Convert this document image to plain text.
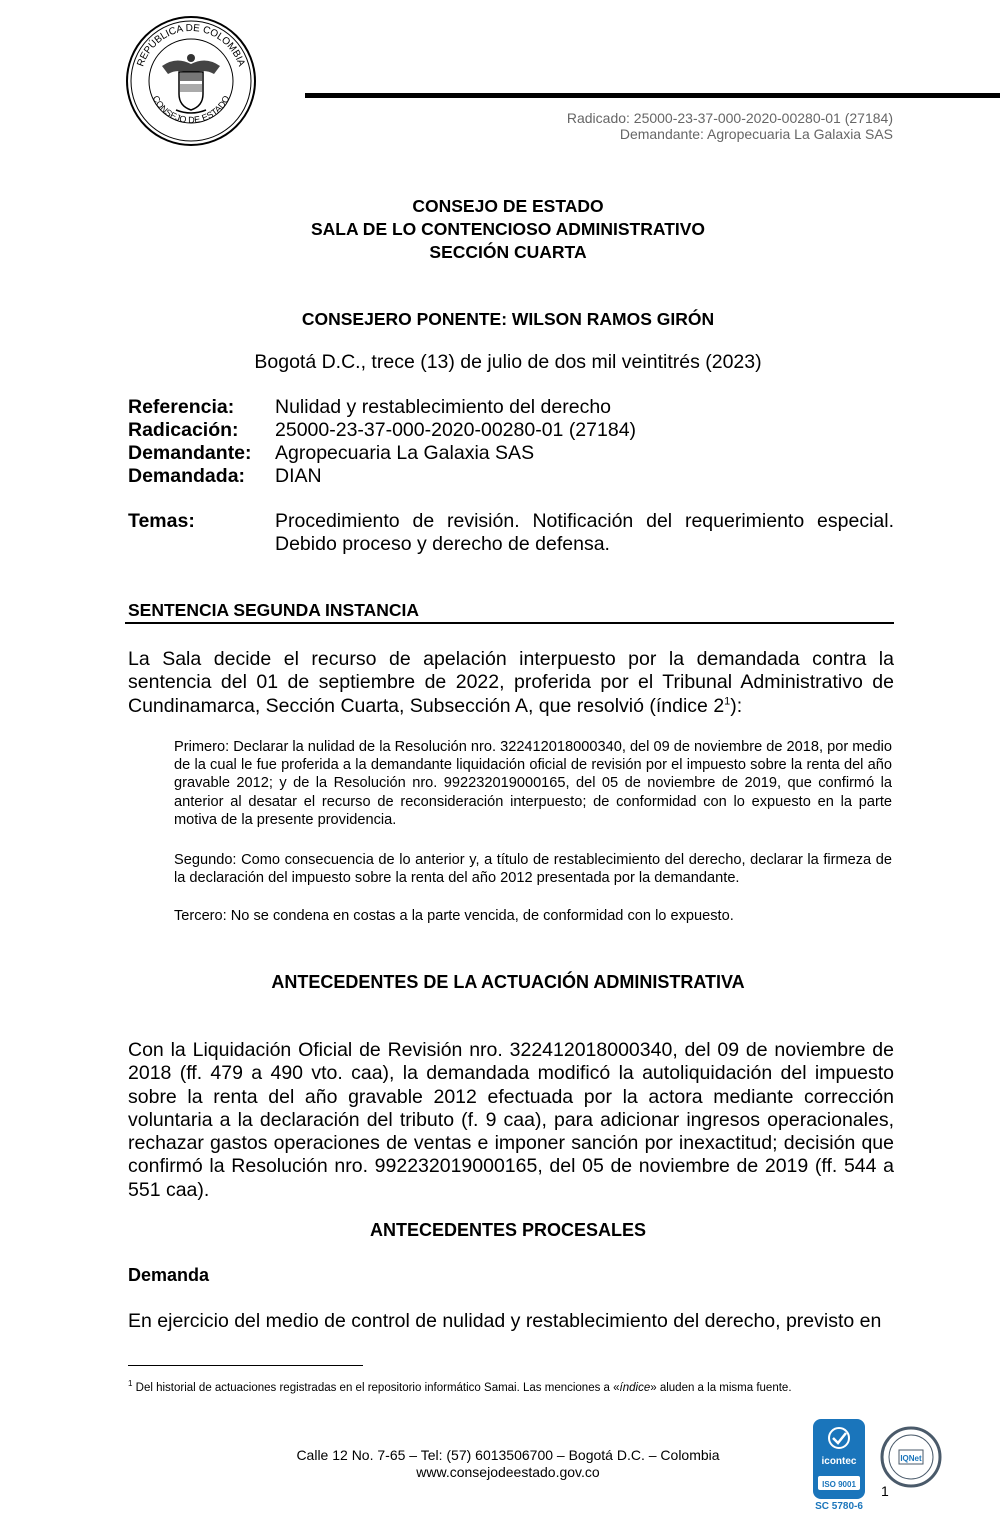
REPÚBLICA DE COLOMBIA
CONSEJO DE ESTADO
Radicado: 25000-23-37-000-2020-00280-01 (27184)
Demandante: Agropecuaria La Galaxia SAS
CONSEJO DE ESTADO
SALA DE LO CONTENCIOSO ADMINISTRATIVO
SECCIÓN CUARTA
CONSEJERO PONENTE: WILSON RAMOS GIRÓN
Bogotá D.C., trece (13) de julio de dos mil veintitrés (2023)
Referencia:	Nulidad y restablecimiento del derecho
Radicación:	25000-23-37-000-2020-00280-01 (27184)
Demandante:	Agropecuaria La Galaxia SAS
Demandada:	DIAN
Temas:	Procedimiento de revisión. Notificación del requerimiento especial. Debido proceso y derecho de defensa.
SENTENCIA SEGUNDA INSTANCIA
La Sala decide el recurso de apelación interpuesto por la demandada contra la sentencia del 01 de septiembre de 2022, proferida por el Tribunal Administrativo de Cundinamarca, Sección Cuarta, Subsección A, que resolvió (índice $2^1$):
Primero: Declarar la nulidad de la Resolución nro. 322412018000340, del 09 de noviembre de 2018, por medio de la cual le fue proferida a la demandante liquidación oficial de revisión por el impuesto sobre la renta del año gravable 2012; y de la Resolución nro. 992232019000165, del 05 de noviembre de 2019, que confirmó la anterior al desatar el recurso de reconsideración interpuesto; de conformidad con lo expuesto en la parte motiva de la presente providencia.
Segundo: Como consecuencia de lo anterior y, a título de restablecimiento del derecho, declarar la firmeza de la declaración del impuesto sobre la renta del año 2012 presentada por la demandante.
Tercero: No se condena en costas a la parte vencida, de conformidad con lo expuesto.
ANTECEDENTES DE LA ACTUACIÓN ADMINISTRATIVA
Con la Liquidación Oficial de Revisión nro. 322412018000340, del 09 de noviembre de 2018 (ff. 479 a 490 vto. caa), la demandada modificó la autoliquidación del impuesto sobre la renta del año gravable 2012 efectuada por la actora mediante corrección voluntaria a la declaración del tributo (f. 9 caa), para adicionar ingresos operacionales, rechazar gastos operaciones de ventas e imponer sanción por inexactitud; decisión que confirmó la Resolución nro. 992232019000165, del 05 de noviembre de 2019 (ff. 544 a 551 caa).
ANTECEDENTES PROCESALES
Demanda
En ejercicio del medio de control de nulidad y restablecimiento del derecho, previsto en
$^1$ Del historial de actuaciones registradas en el repositorio informático Samai. Las menciones a «índice» aluden a la misma fuente.
Calle 12 No. 7-65 – Tel: (57) 6013506700 – Bogotá D.C. – Colombia
www.consejodeestado.gov.co
icontec
ISO 9001
SC 5780-6
IQNet
1
